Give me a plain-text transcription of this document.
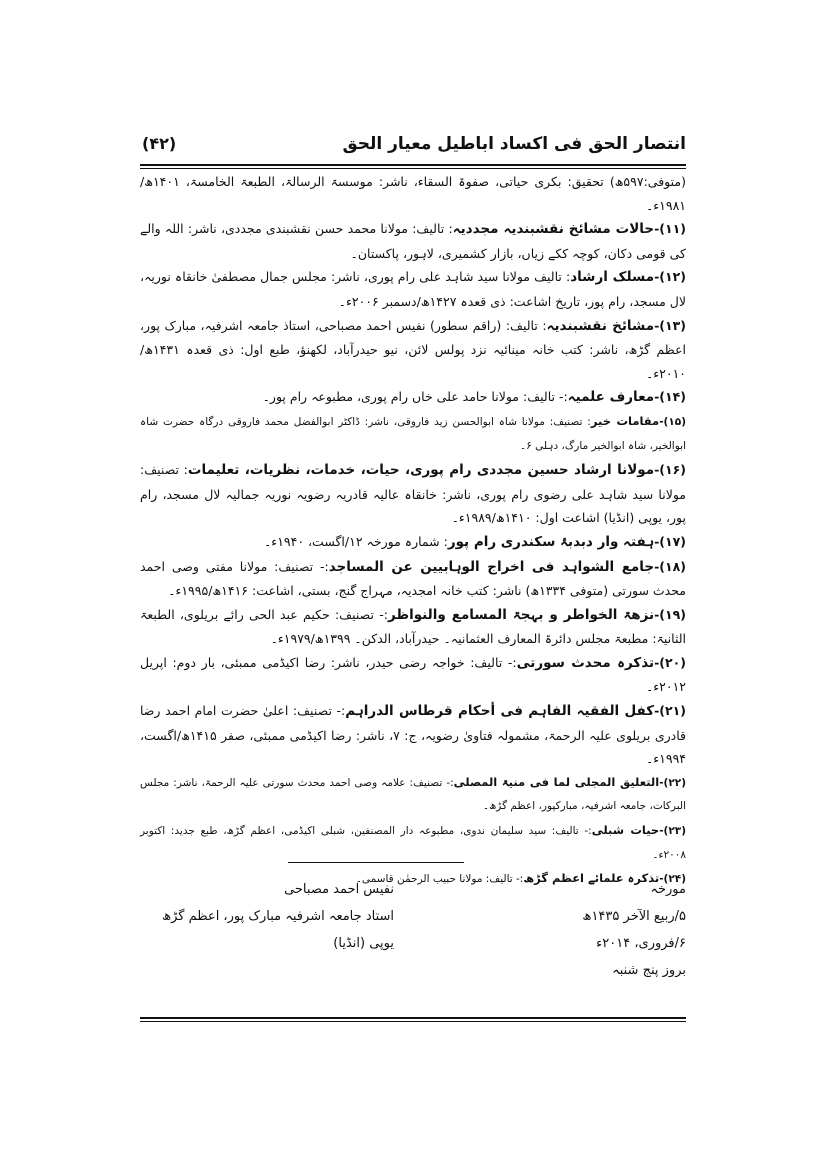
انتصار الحق فی اکساد اباطیل معیار الحق
(۴۲)

(متوفی:۵۹۷ھ) تحقیق: بکری حیاتی، صفوۃ السقاء، ناشر: موسسۃ الرسالۃ، الطبعۃ الخامسۃ، ۱۴۰۱ھ/۱۹۸۱ء۔

(۱۱)-حالات مشائخ نقشبندیہ مجددیہ: تالیف: مولانا محمد حسن نقشبندی مجددی، ناشر: اللہ والے کی قومی دکان، کوچہ ککے زیاں، بازار کشمیری، لاہور، پاکستان۔

(۱۲)-مسلک ارشاد: تالیف مولانا سید شاہد علی رام پوری، ناشر: مجلس جمال مصطفیٰ خانقاہ نوریہ، لال مسجد، رام پور، تاریخ اشاعت: ذی قعدہ ۱۴۲۷ھ/دسمبر ۲۰۰۶ء۔

(۱۳)-مشائخ نقشبندیہ: تالیف: (راقم سطور) نفیس احمد مصباحی، استاذ جامعہ اشرفیہ، مبارک پور، اعظم گڑھ، ناشر: کتب خانہ مینائیہ نزد پولس لائن، نیو حیدرآباد، لکھنؤ، طبع اول: ذی قعدہ ۱۴۳۱ھ/۲۰۱۰ء۔

(۱۴)-معارف علمیہ:- تالیف: مولانا حامد علی خاں رام پوری، مطبوعہ رام پور۔

(۱۵)-مقامات خیر: تصنیف: مولانا شاہ ابوالحسن زید فاروقی، ناشر: ڈاکٹر ابوالفضل محمد فاروقی درگاہ حضرت شاہ ابوالخیر، شاہ ابوالخیر مارگ، دہلی ۶۔

(۱۶)-مولانا ارشاد حسین مجددی رام پوری، حیات، خدمات، نظریات، تعلیمات: تصنیف: مولانا سید شاہد علی رضوی رام پوری، ناشر: خانقاہ عالیہ قادریہ رضویہ نوریہ جمالیہ لال مسجد، رام پور، یوپی (انڈیا) اشاعت اول: ۱۴۱۰ھ/۱۹۸۹ء۔

(۱۷)-ہفتہ وار دبدبۂ سکندری رام پور: شمارہ مورخہ ۱۲/اگست، ۱۹۴۰ء۔

(۱۸)-جامع الشواہد فی اخراج الوہابیین عن المساجد:- تصنیف: مولانا مفتی وصی احمد محدث سورتی (متوفی ۱۳۳۴ھ) ناشر: کتب خانہ امجدیہ، مہراج گنج، بستی، اشاعت: ۱۴۱۶ھ/۱۹۹۵ء۔

(۱۹)-نزھۃ الخواطر و بہجۃ المسامع والنواظر:- تصنیف: حکیم عبد الحی رائے بریلوی، الطبعۃ الثانیۃ: مطبعۃ مجلس دائرۃ المعارف العثمانیہ۔ حیدرآباد، الدکن۔ ۱۳۹۹ھ/۱۹۷۹ء۔

(۲۰)-تذکرہ محدث سورتی:- تالیف: خواجہ رضی حیدر، ناشر: رضا اکیڈمی ممبئی، بار دوم: اپریل ۲۰۱۲ء۔

(۲۱)-کفل الفقیہ الفاہم فی أحکام قرطاس الدراہم:- تصنیف: اعلیٰ حضرت امام احمد رضا قادری بریلوی علیہ الرحمۃ، مشمولہ فتاویٰ رضویہ، ج: ۷، ناشر: رضا اکیڈمی ممبئی، صفر ۱۴۱۵ھ/اگست، ۱۹۹۴ء۔

(۲۲)-التعلیق المجلی لما فی منیۃ المصلی:- تصنیف: علامہ وصی احمد محدث سورتی علیہ الرحمۃ، ناشر: مجلس البرکات، جامعہ اشرفیہ، مبارکپور، اعظم گڑھ۔

(۲۳)-حیات شبلی:- تالیف: سید سلیمان ندوی، مطبوعہ دار المصنفین، شبلی اکیڈمی، اعظم گڑھ، طبع جدید: اکتوبر ۲۰۰۸ء۔

(۲۴)-تذکرہ علمائے اعظم گڑھ:- تالیف: مولانا حبیب الرحمٰن قاسمی۔

مورخہ
۵/ربیع الآخر ۱۴۳۵ھ
۶/فروری، ۲۰۱۴ء
بروز پنج شنبہ
نفیس احمد مصباحی
استاد جامعہ اشرفیہ مبارک پور، اعظم گڑھ
یوپی (انڈیا)
